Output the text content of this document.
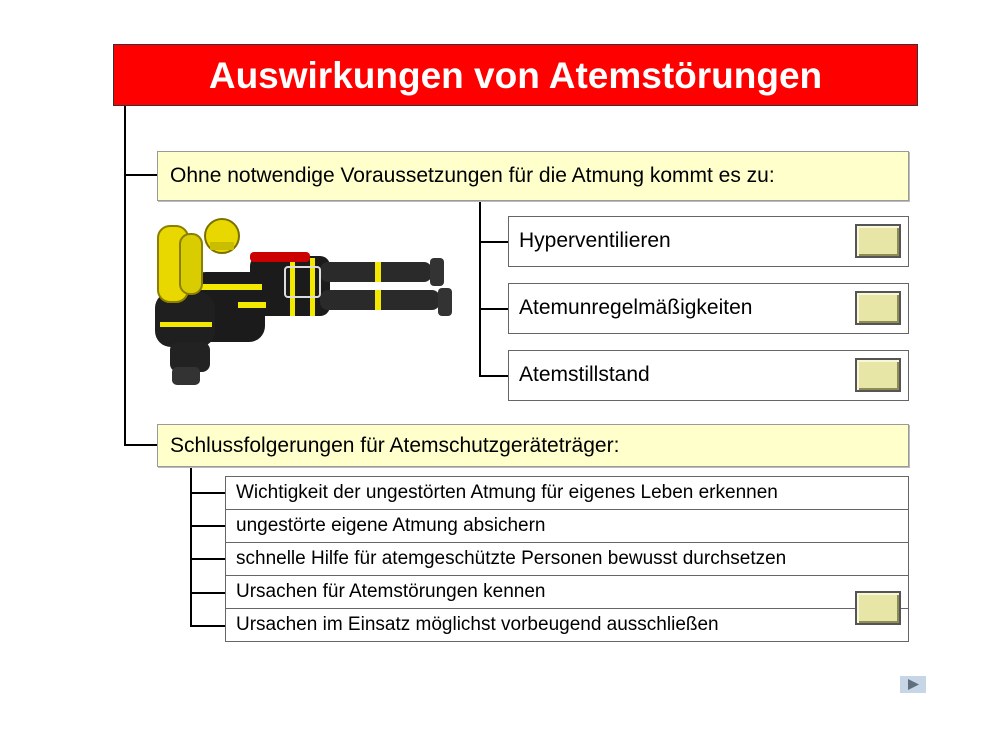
Auswirkungen von Atemstörungen
Ohne notwendige Voraussetzungen für die Atmung kommt es zu:
Hyperventilieren
Atemunregelmäßigkeiten
Atemstillstand
Schlussfolgerungen für Atemschutzgeräteträger:
Wichtigkeit der ungestörten Atmung für eigenes Leben erkennen
ungestörte eigene Atmung absichern
schnelle Hilfe für atemgeschützte Personen bewusst durchsetzen
Ursachen für Atemstörungen kennen
Ursachen im Einsatz möglichst vorbeugend ausschließen
